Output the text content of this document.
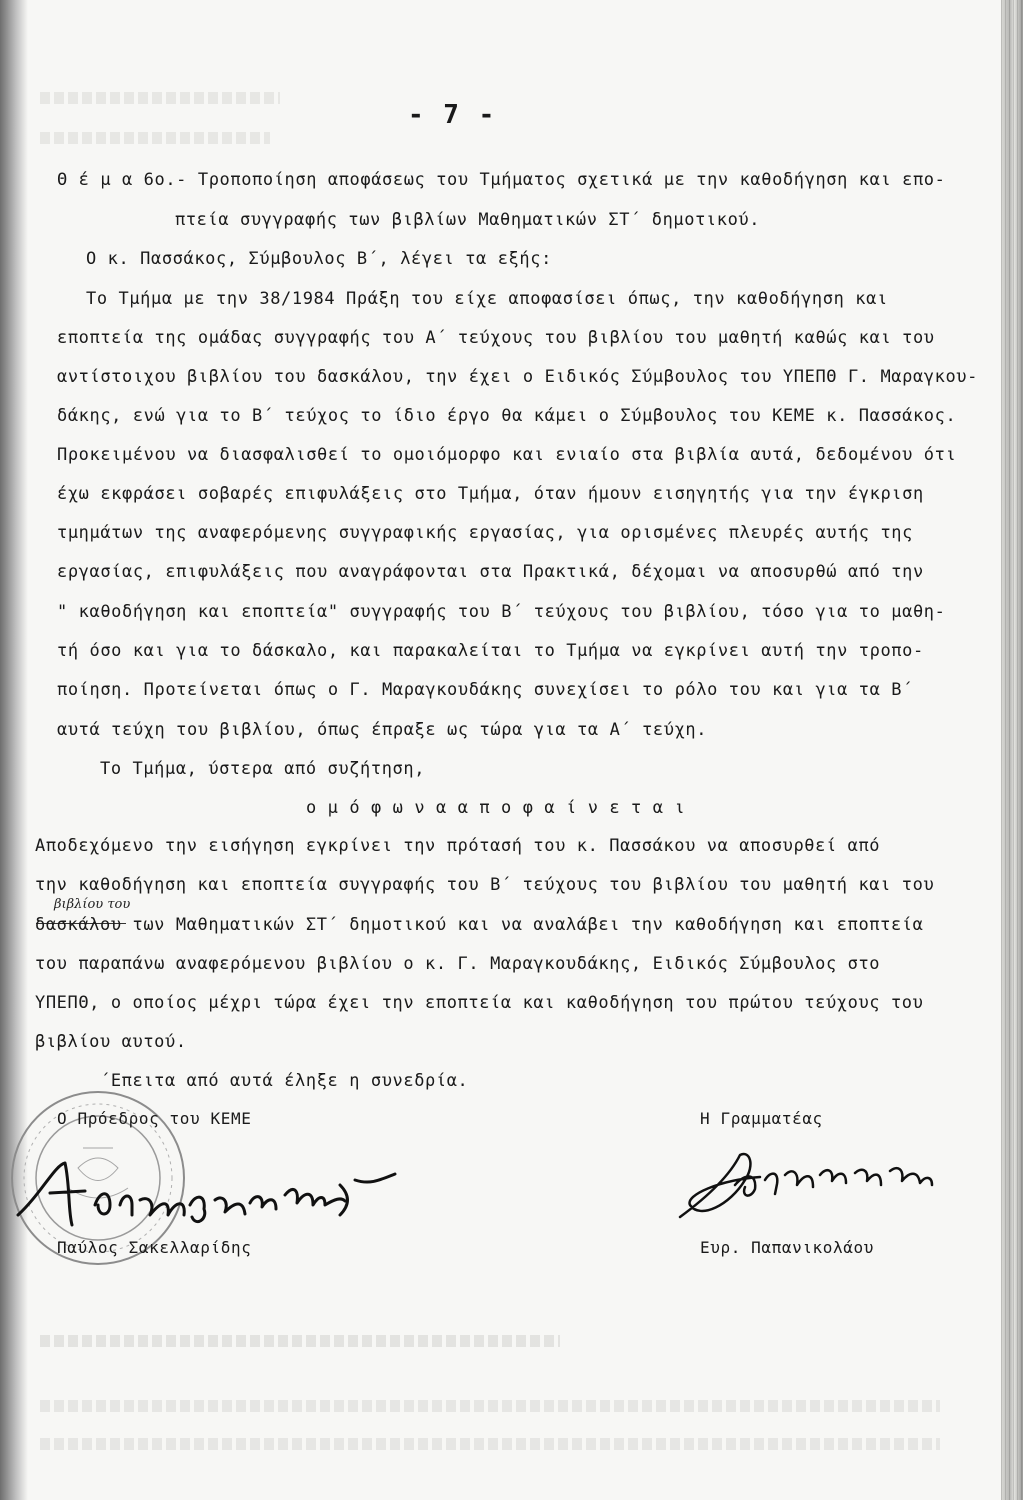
- 7 -
Θ έ μ α 6ο.- Τροποποίηση αποφάσεως του Τμήματος σχετικά με την καθοδήγηση και επο-
πτεία συγγραφής των βιβλίων Μαθηματικών ΣΤ΄ δημοτικού.
Ο κ. Πασσάκος, Σύμβουλος Β΄, λέγει τα εξής:
Το Τμήμα με την 38/1984 Πράξη του είχε αποφασίσει όπως, την καθοδήγηση και
εποπτεία της ομάδας συγγραφής του Α΄ τεύχους του βιβλίου του μαθητή καθώς και του
αντίστοιχου βιβλίου του δασκάλου, την έχει ο Ειδικός Σύμβουλος του ΥΠΕΠΘ Γ. Μαραγκου-
δάκης, ενώ για το Β΄ τεύχος το ίδιο έργο θα κάμει ο Σύμβουλος του ΚΕΜΕ κ. Πασσάκος.
Προκειμένου να διασφαλισθεί το ομοιόμορφο και ενιαίο στα βιβλία αυτά, δεδομένου ότι
έχω εκφράσει σοβαρές επιφυλάξεις στο Τμήμα, όταν ήμουν εισηγητής για την έγκριση
τμημάτων της αναφερόμενης συγγραφικής εργασίας, για ορισμένες πλευρές αυτής της
εργασίας, επιφυλάξεις που αναγράφονται στα Πρακτικά, δέχομαι να αποσυρθώ από την
" καθοδήγηση και εποπτεία" συγγραφής του Β΄ τεύχους του βιβλίου, τόσο για το μαθη-
τή όσο και για το δάσκαλο, και παρακαλείται το Τμήμα να εγκρίνει αυτή την τροπο-
ποίηση. Προτείνεται όπως ο Γ. Μαραγκουδάκης συνεχίσει το ρόλο του και για τα Β΄
αυτά τεύχη του βιβλίου, όπως έπραξε ως τώρα για τα Α΄ τεύχη.
Το Τμήμα, ύστερα από συζήτηση,
ο μ ό φ ω ν α α π ο φ α ί ν ε τ α ι
Αποδεχόμενο την εισήγηση εγκρίνει την πρότασή του κ. Πασσάκου να αποσυρθεί από
την καθοδήγηση και εποπτεία συγγραφής του Β΄ τεύχους του βιβλίου του μαθητή και του
βιβλίου του
δασκάλου των Μαθηματικών ΣΤ΄ δημοτικού και να αναλάβει την καθοδήγηση και εποπτεία
του παραπάνω αναφερόμενου βιβλίου ο κ. Γ. Μαραγκουδάκης, Ειδικός Σύμβουλος στο
ΥΠΕΠΘ, ο οποίος μέχρι τώρα έχει την εποπτεία και καθοδήγηση του πρώτου τεύχους του
βιβλίου αυτού.
΄Επειτα από αυτά έληξε η συνεδρία.
Ο Πρόεδρος του ΚΕΜΕ	Η Γραμματέας
Παύλος Σακελλαρίδης	Ευρ. Παπανικολάου
